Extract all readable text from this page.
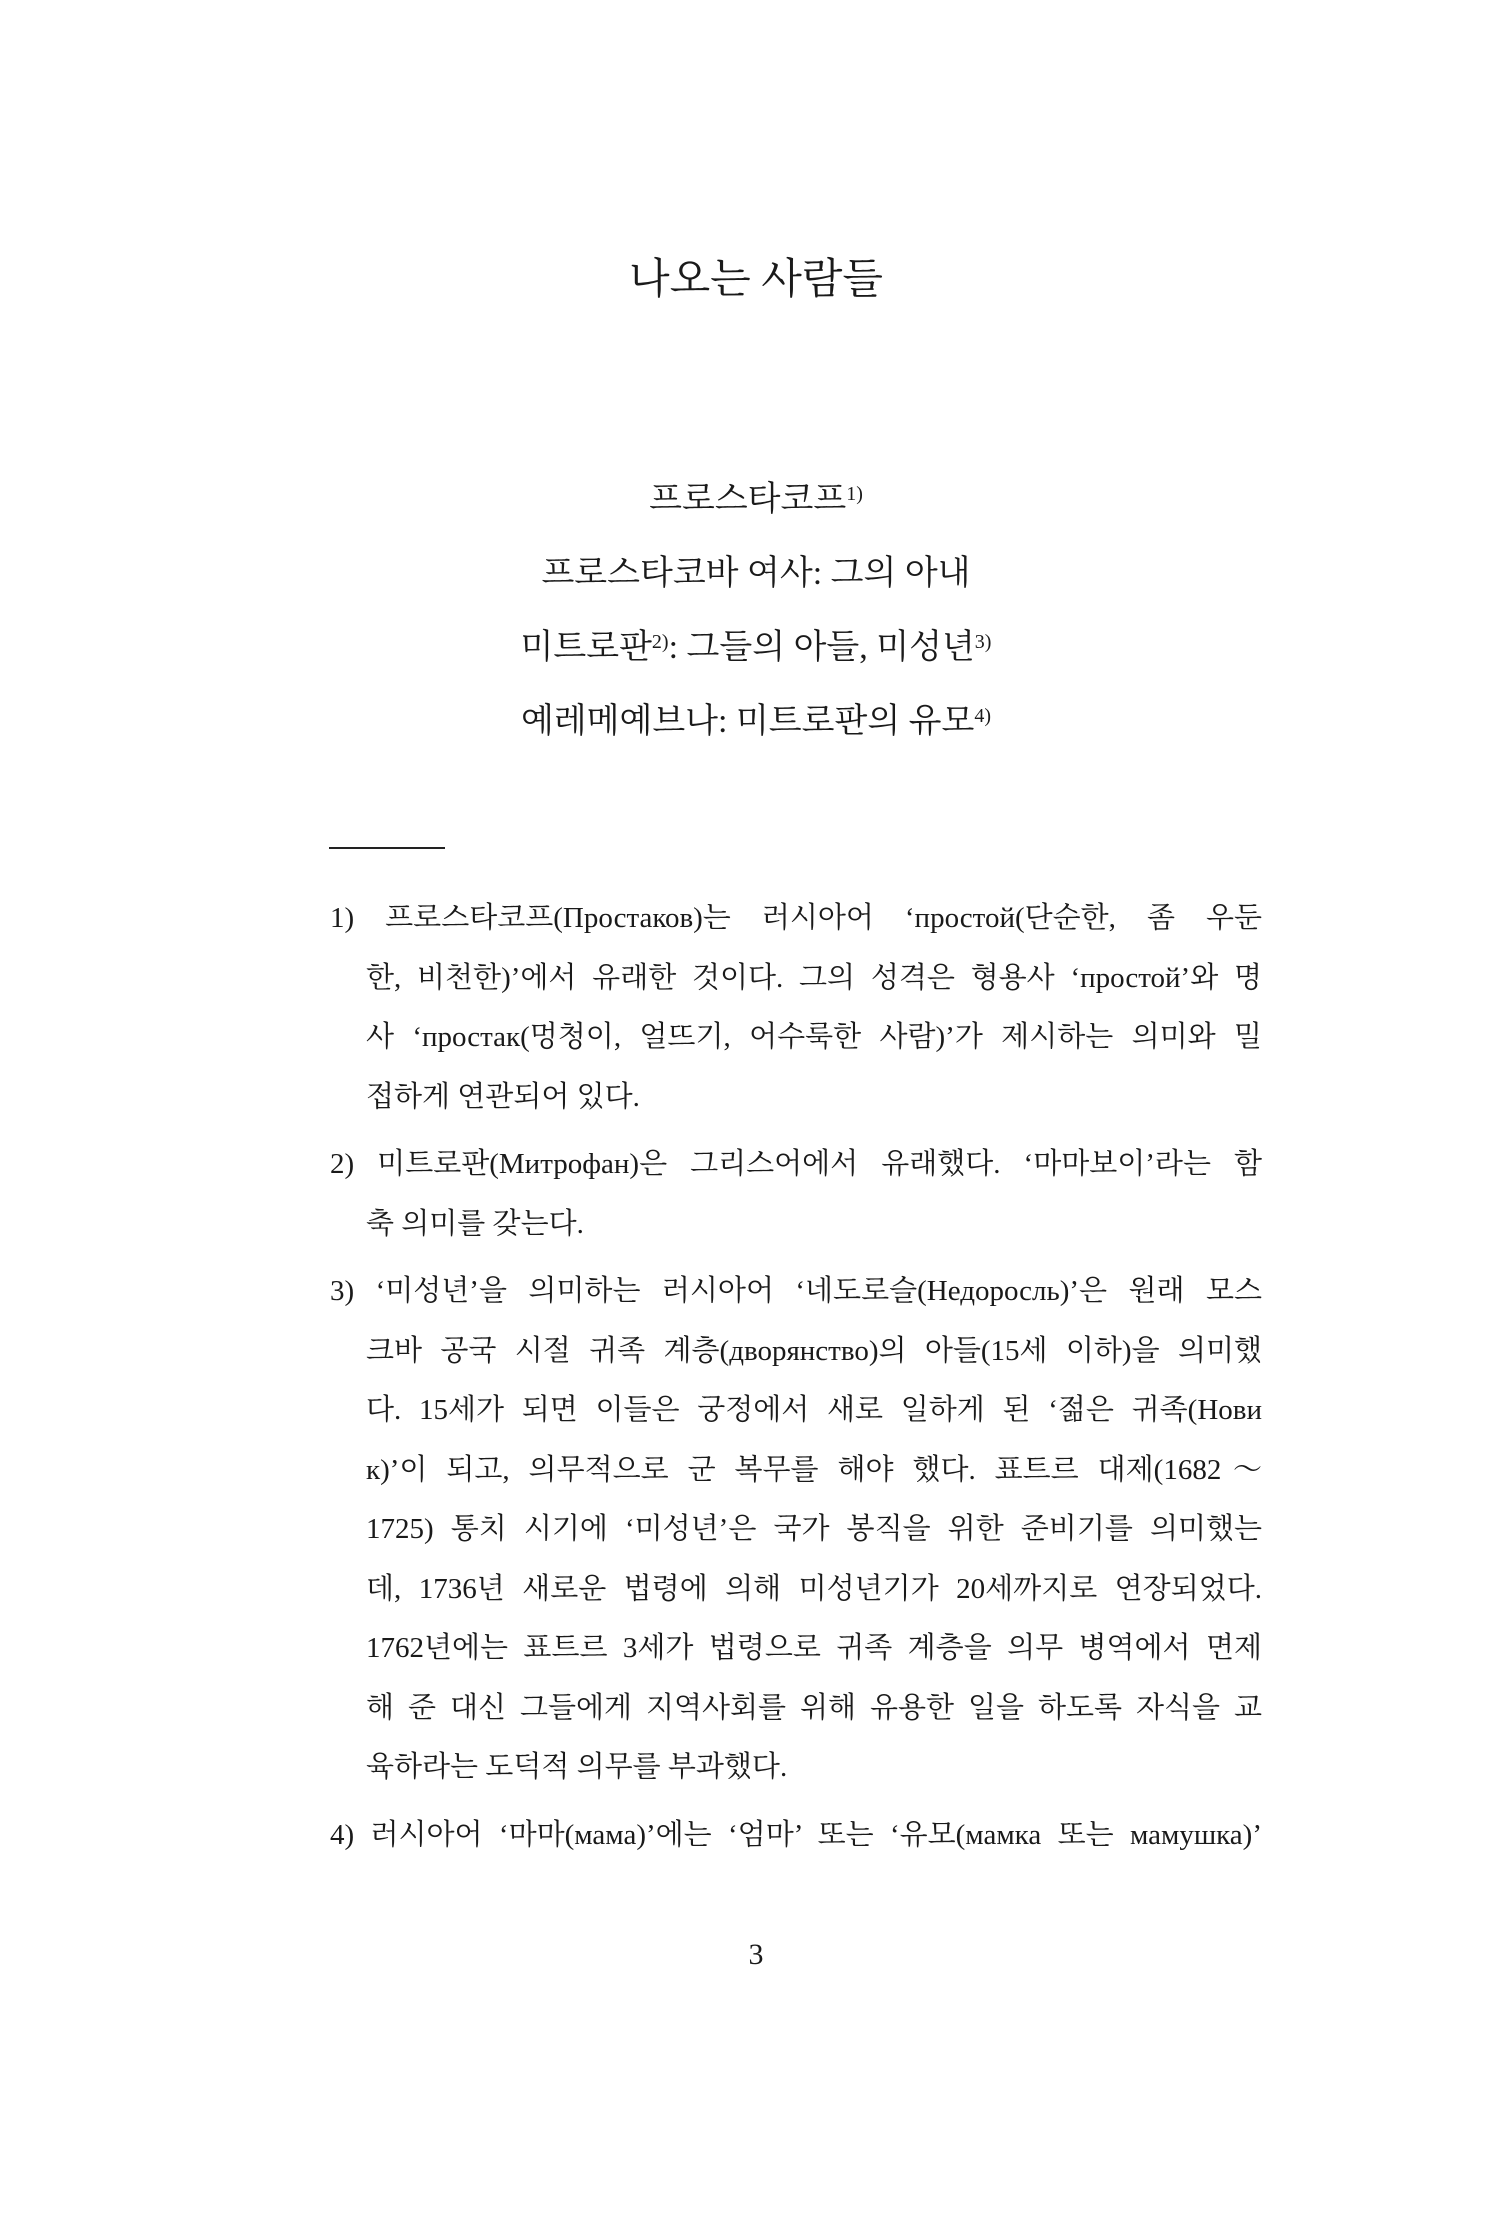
나오는 사람들
프로스타코프$^{1)}$
프로스타코바 여사: 그의 아내
미트로판$^{2)}$: 그들의 아들, 미성년$^{3)}$
예레메예브나: 미트로판의 유모$^{4)}$
1) 프로스타코프(Простаков)는 러시아어 ‘простой(단순한, 좀 우둔
한, 비천한)’에서 유래한 것이다. 그의 성격은 형용사 ‘простой’와 명
사 ‘простак(멍청이, 얼뜨기, 어수룩한 사람)’가 제시하는 의미와 밀
접하게 연관되어 있다.
2) 미트로판(Митрофан)은 그리스어에서 유래했다. ‘마마보이’라는 함
축 의미를 갖는다.
3) ‘미성년’을 의미하는 러시아어 ‘네도로슬(Недоросль)’은 원래 모스
크바 공국 시절 귀족 계층(дворянство)의 아들(15세 이하)을 의미했
다. 15세가 되면 이들은 궁정에서 새로 일하게 된 ‘젊은 귀족(Нови
к)’이 되고, 의무적으로 군 복무를 해야 했다. 표트르 대제(1682～
1725) 통치 시기에 ‘미성년’은 국가 봉직을 위한 준비기를 의미했는
데, 1736년 새로운 법령에 의해 미성년기가 20세까지로 연장되었다.
1762년에는 표트르 3세가 법령으로 귀족 계층을 의무 병역에서 면제
해 준 대신 그들에게 지역사회를 위해 유용한 일을 하도록 자식을 교
육하라는 도덕적 의무를 부과했다.
4) 러시아어 ‘마마(мама)’에는 ‘엄마’ 또는 ‘유모(мамка 또는 мамушка)’
3
